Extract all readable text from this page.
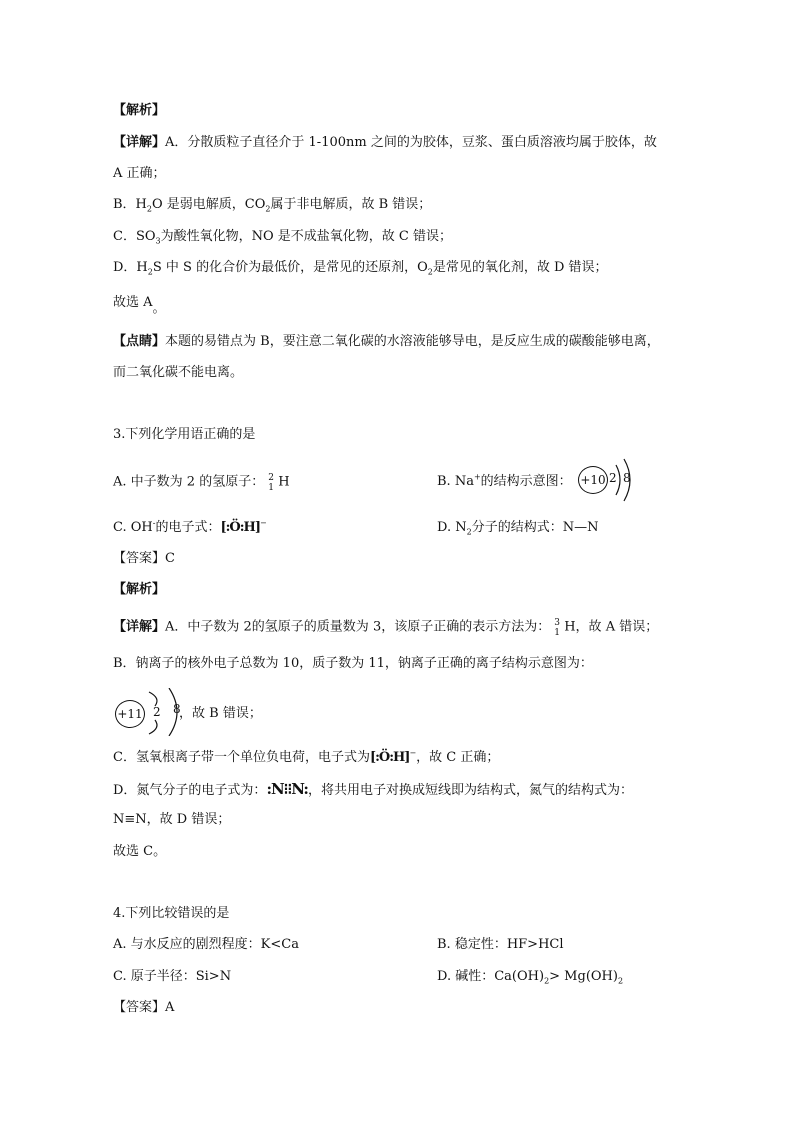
【解析】
【详解】A．分散质粒子直径介于 1-100nm 之间的为胶体，豆浆、蛋白质溶液均属于胶体，故
A 正确；
B．$H_2O$ 是弱电解质，$CO_2$属于非电解质，故 B 错误；
C．$SO_3$为酸性氧化物，NO 是不成盐氧化物，故 C 错误；
D．$H_2S$ 中 S 的化合价为最低价，是常见的还原剂，$O_2$是常见的氧化剂，故 D 错误；
故选 A。
【点睛】本题的易错点为 B，要注意二氧化碳的水溶液能够导电，是反应生成的碳酸能够电离，
而二氧化碳不能电离。
3.下列化学用语正确的是
A. 中子数为 2 的氢原子： 2
1 H	B. Na+的结构示意图： +10 2 8
C. OH-的电子式：[:Ö:H]−	D. $N_2$分子的结构式：N—N
【答案】C
【解析】
【详解】A．中子数为 2的氢原子的质量数为 3，该原子正确的表示方法为： 3
1 H，故 A 错误；
B．钠离子的核外电子总数为 10，质子数为 11，钠离子正确的离子结构示意图为：
+11 2 8
，故 B 错误；
C．氢氧根离子带一个单位负电荷，电子式为[:Ö:H]−，故 C 正确；
D．氮气分子的电子式为：:N⁝⁝N:，将共用电子对换成短线即为结构式，氮气的结构式为：
N≡N，故 D 错误；
故选 C。
4.下列比较错误的是
A. 与水反应的剧烈程度：K<Ca	B. 稳定性：HF>HCl
C. 原子半径：Si>N	D. 碱性：$Ca(OH)_2> Mg(OH)_2$
【答案】A
